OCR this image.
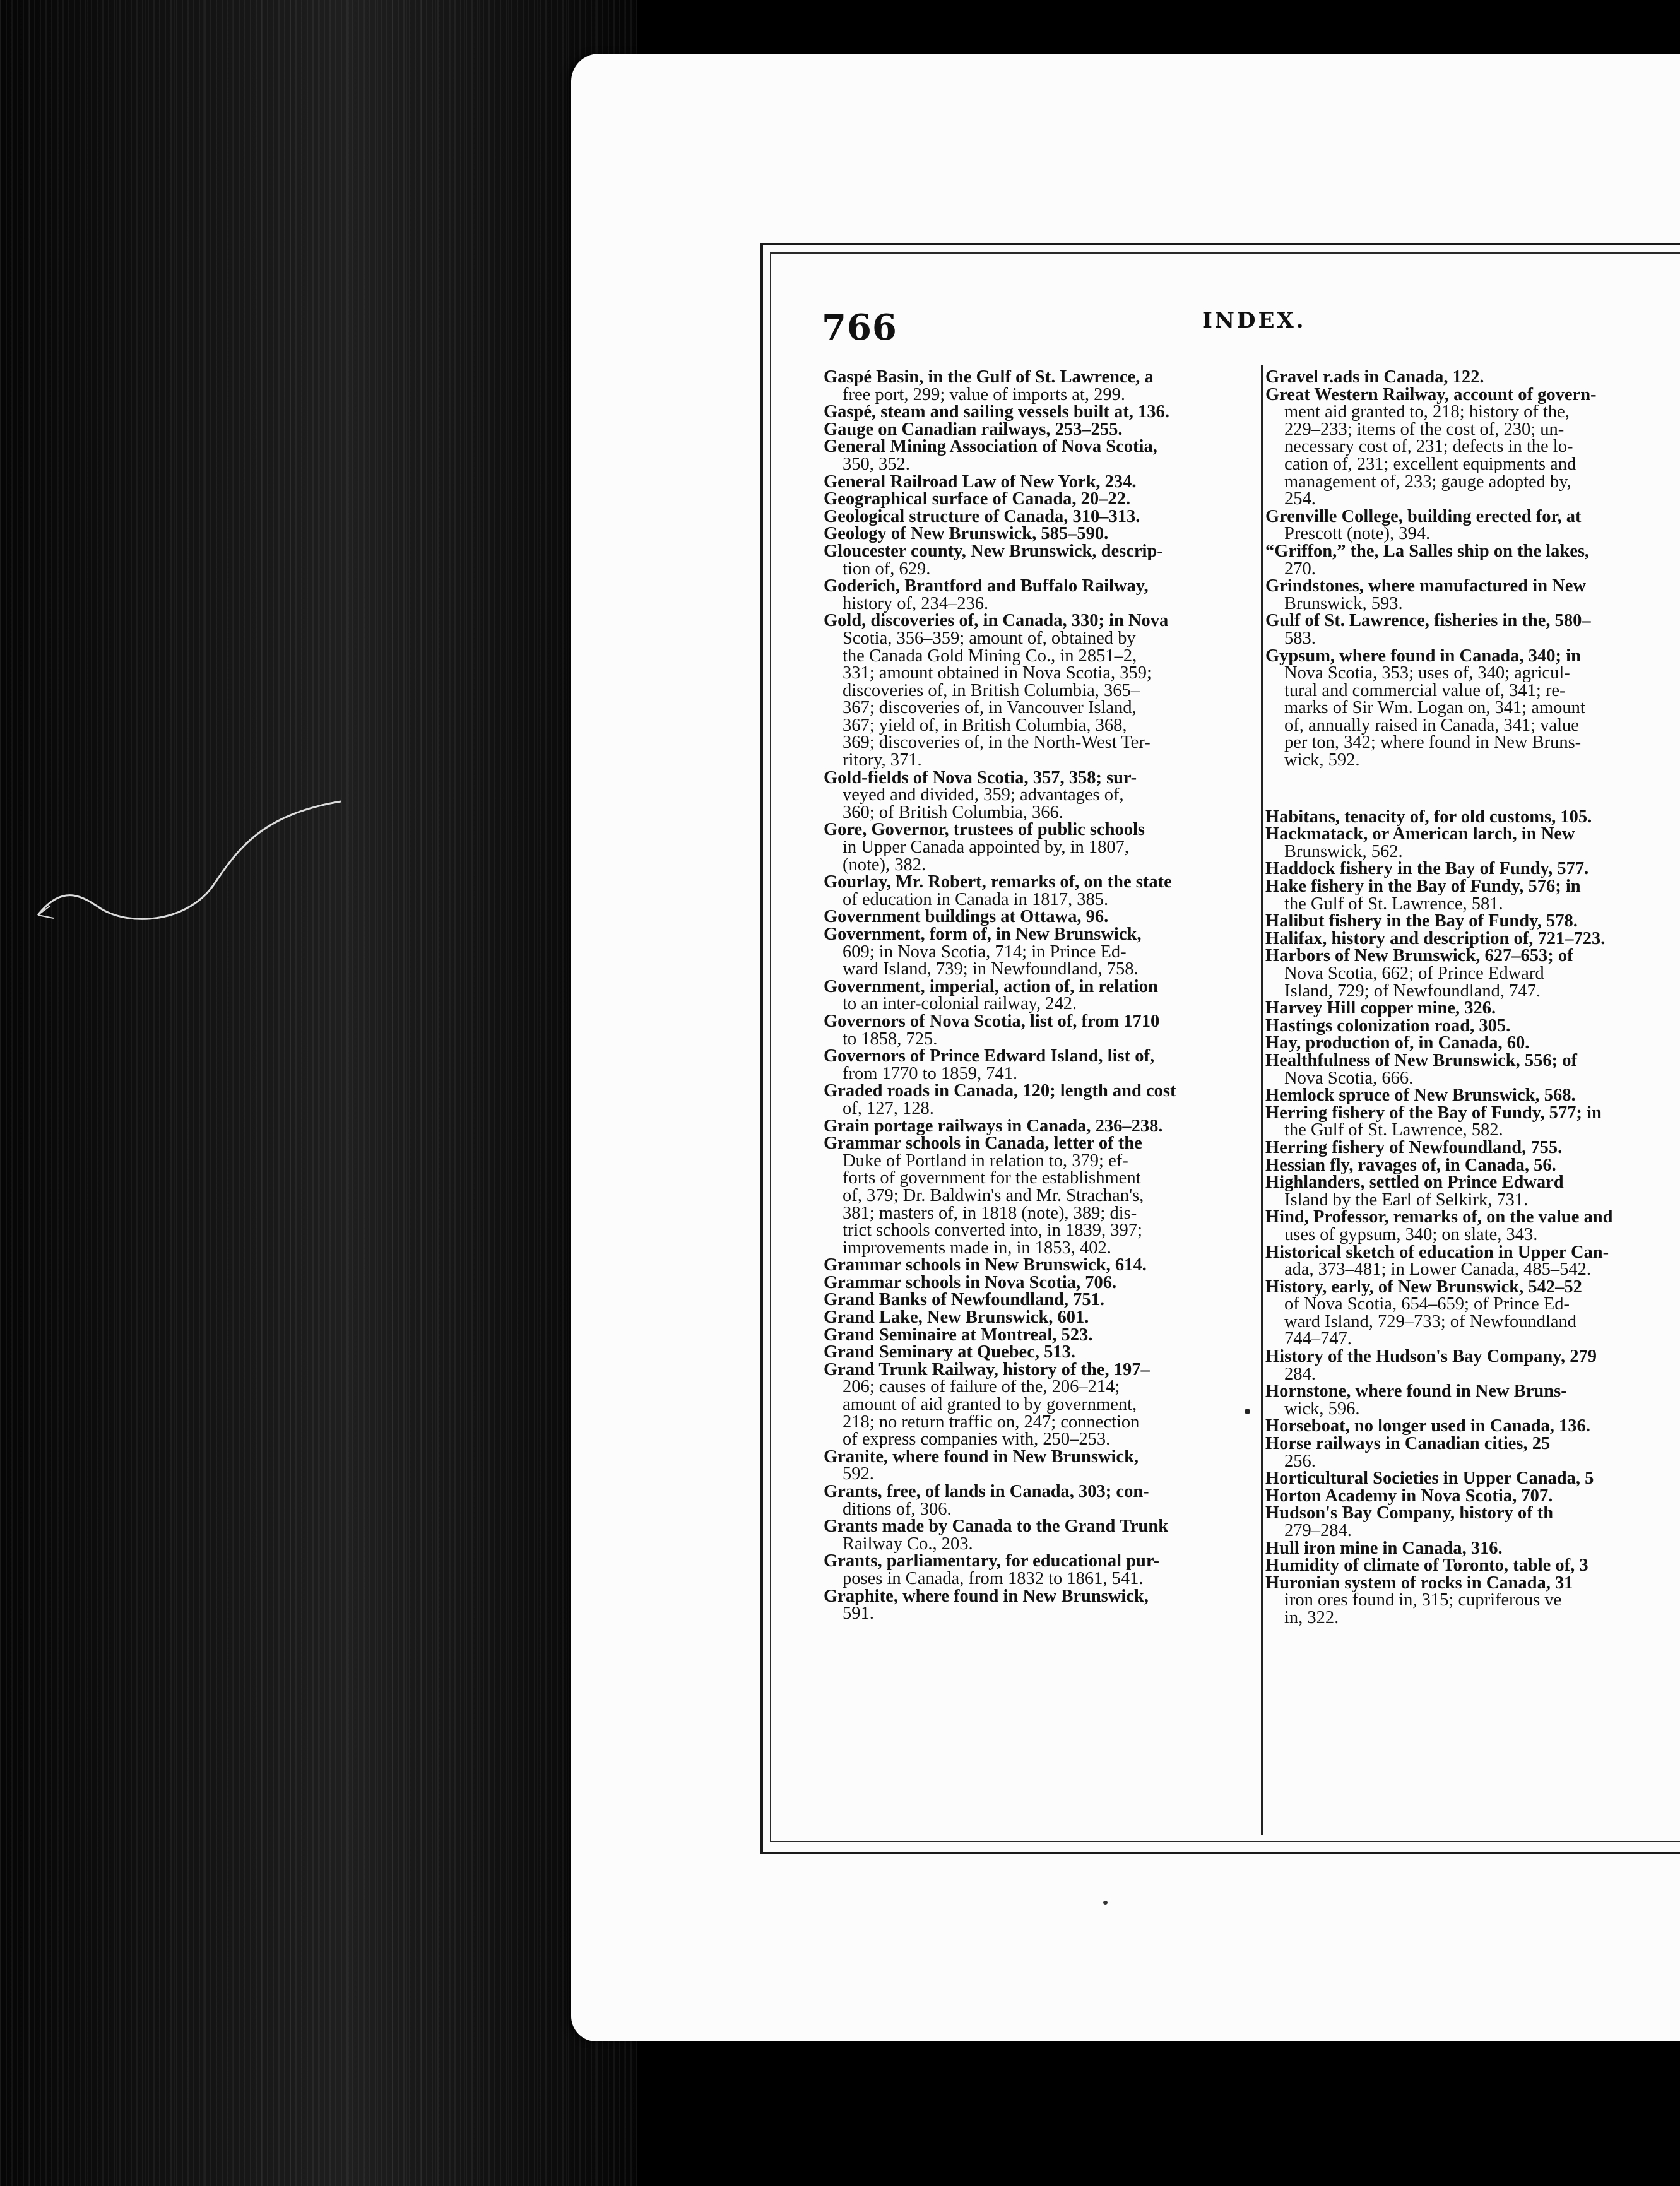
766	INDEX.
Gaspé Basin, in the Gulf of St. Lawrence, a
free port, 299; value of imports at, 299.
Gaspé, steam and sailing vessels built at, 136.
Gauge on Canadian railways, 253–255.
General Mining Association of Nova Scotia,
350, 352.
General Railroad Law of New York, 234.
Geographical surface of Canada, 20–22.
Geological structure of Canada, 310–313.
Geology of New Brunswick, 585–590.
Gloucester county, New Brunswick, descrip-
tion of, 629.
Goderich, Brantford and Buffalo Railway,
history of, 234–236.
Gold, discoveries of, in Canada, 330; in Nova
Scotia, 356–359; amount of, obtained by
the Canada Gold Mining Co., in 2851–2,
331; amount obtained in Nova Scotia, 359;
discoveries of, in British Columbia, 365–
367; discoveries of, in Vancouver Island,
367; yield of, in British Columbia, 368,
369; discoveries of, in the North-West Ter-
ritory, 371.
Gold-fields of Nova Scotia, 357, 358; sur-
veyed and divided, 359; advantages of,
360; of British Columbia, 366.
Gore, Governor, trustees of public schools
in Upper Canada appointed by, in 1807,
(note), 382.
Gourlay, Mr. Robert, remarks of, on the state
of education in Canada in 1817, 385.
Government buildings at Ottawa, 96.
Government, form of, in New Brunswick,
609; in Nova Scotia, 714; in Prince Ed-
ward Island, 739; in Newfoundland, 758.
Government, imperial, action of, in relation
to an inter-colonial railway, 242.
Governors of Nova Scotia, list of, from 1710
to 1858, 725.
Governors of Prince Edward Island, list of,
from 1770 to 1859, 741.
Graded roads in Canada, 120; length and cost
of, 127, 128.
Grain portage railways in Canada, 236–238.
Grammar schools in Canada, letter of the
Duke of Portland in relation to, 379; ef-
forts of government for the establishment
of, 379; Dr. Baldwin's and Mr. Strachan's,
381; masters of, in 1818 (note), 389; dis-
trict schools converted into, in 1839, 397;
improvements made in, in 1853, 402.
Grammar schools in New Brunswick, 614.
Grammar schools in Nova Scotia, 706.
Grand Banks of Newfoundland, 751.
Grand Lake, New Brunswick, 601.
Grand Seminaire at Montreal, 523.
Grand Seminary at Quebec, 513.
Grand Trunk Railway, history of the, 197–
206; causes of failure of the, 206–214;
amount of aid granted to by government,
218; no return traffic on, 247; connection
of express companies with, 250–253.
Granite, where found in New Brunswick,
592.
Grants, free, of lands in Canada, 303; con-
ditions of, 306.
Grants made by Canada to the Grand Trunk
Railway Co., 203.
Grants, parliamentary, for educational pur-
poses in Canada, from 1832 to 1861, 541.
Graphite, where found in New Brunswick,
591.
Gravel r.ads in Canada, 122.
Great Western Railway, account of govern-
ment aid granted to, 218; history of the,
229–233; items of the cost of, 230; un-
necessary cost of, 231; defects in the lo-
cation of, 231; excellent equipments and
management of, 233; gauge adopted by,
254.
Grenville College, building erected for, at
Prescott (note), 394.
“Griffon,” the, La Salles ship on the lakes,
270.
Grindstones, where manufactured in New
Brunswick, 593.
Gulf of St. Lawrence, fisheries in the, 580–
583.
Gypsum, where found in Canada, 340; in
Nova Scotia, 353; uses of, 340; agricul-
tural and commercial value of, 341; re-
marks of Sir Wm. Logan on, 341; amount
of, annually raised in Canada, 341; value
per ton, 342; where found in New Bruns-
wick, 592.
Habitans, tenacity of, for old customs, 105.
Hackmatack, or American larch, in New
Brunswick, 562.
Haddock fishery in the Bay of Fundy, 577.
Hake fishery in the Bay of Fundy, 576; in
the Gulf of St. Lawrence, 581.
Halibut fishery in the Bay of Fundy, 578.
Halifax, history and description of, 721–723.
Harbors of New Brunswick, 627–653; of
Nova Scotia, 662; of Prince Edward
Island, 729; of Newfoundland, 747.
Harvey Hill copper mine, 326.
Hastings colonization road, 305.
Hay, production of, in Canada, 60.
Healthfulness of New Brunswick, 556; of
Nova Scotia, 666.
Hemlock spruce of New Brunswick, 568.
Herring fishery of the Bay of Fundy, 577; in
the Gulf of St. Lawrence, 582.
Herring fishery of Newfoundland, 755.
Hessian fly, ravages of, in Canada, 56.
Highlanders, settled on Prince Edward
Island by the Earl of Selkirk, 731.
Hind, Professor, remarks of, on the value and
uses of gypsum, 340; on slate, 343.
Historical sketch of education in Upper Can-
ada, 373–481; in Lower Canada, 485–542.
History, early, of New Brunswick, 542–52
of Nova Scotia, 654–659; of Prince Ed-
ward Island, 729–733; of Newfoundland
744–747.
History of the Hudson's Bay Company, 279
284.
Hornstone, where found in New Bruns-
wick, 596.
Horseboat, no longer used in Canada, 136.
Horse railways in Canadian cities, 25
256.
Horticultural Societies in Upper Canada, 5
Horton Academy in Nova Scotia, 707.
Hudson's Bay Company, history of th
279–284.
Hull iron mine in Canada, 316.
Humidity of climate of Toronto, table of, 3
Huronian system of rocks in Canada, 31
iron ores found in, 315; cupriferous ve
in, 322.
